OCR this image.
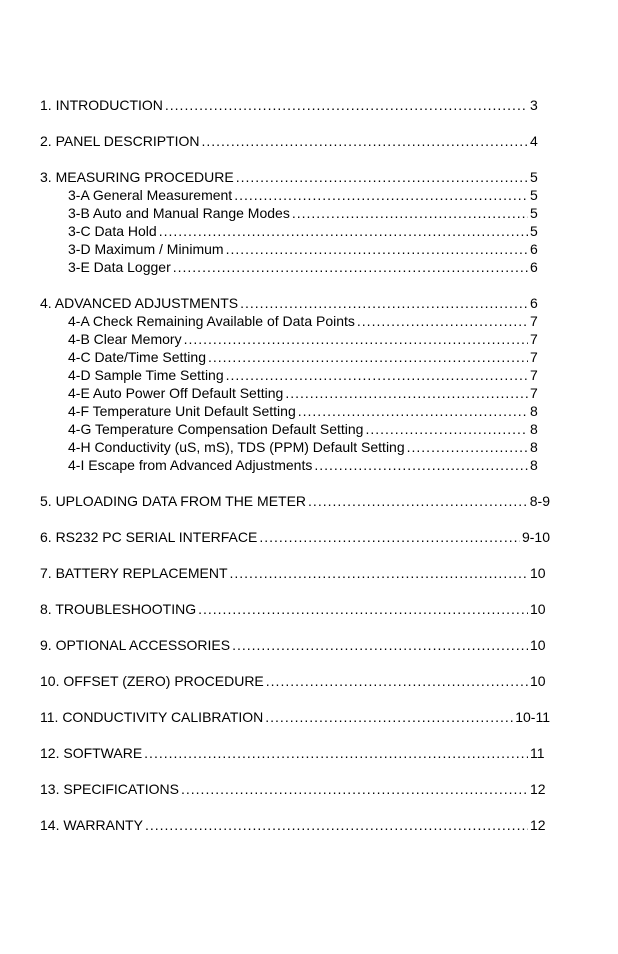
1. INTRODUCTION .....	3
2. PANEL DESCRIPTION .....	4
3. MEASURING PROCEDURE .....	5
3-A General Measurement .....	5
3-B Auto and Manual Range Modes .....	5
3-C Data Hold .....	5
3-D Maximum / Minimum .....	6
3-E Data Logger .....	6
4. ADVANCED ADJUSTMENTS .....	6
4-A Check Remaining Available of Data Points .....	7
4-B Clear Memory .....	7
4-C Date/Time Setting .....	7
4-D Sample Time Setting .....	7
4-E Auto Power Off Default Setting .....	7
4-F Temperature Unit Default Setting .....	8
4-G Temperature Compensation Default Setting .....	8
4-H Conductivity (uS, mS), TDS (PPM) Default Setting .....	8
4-I Escape from Advanced Adjustments .....	8
5. UPLOADING DATA FROM THE METER .....	8-9
6. RS232 PC SERIAL INTERFACE .....	9-10
7. BATTERY REPLACEMENT .....	10
8. TROUBLESHOOTING .....	10
9. OPTIONAL ACCESSORIES .....	10
10. OFFSET (ZERO) PROCEDURE .....	10
11. CONDUCTIVITY CALIBRATION .....	10-11
12. SOFTWARE .....	11
13. SPECIFICATIONS .....	12
14. WARRANTY .....	12
